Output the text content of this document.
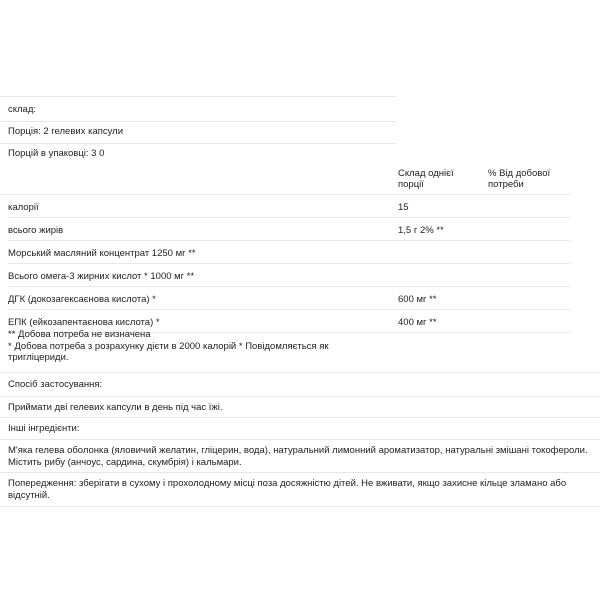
склад:
Порція: 2 гелевих капсули
Порцій в упаковці: 3 0
Склад однієї порції
% Від добової потреби
калорії	15
всього жирів	1,5 г 2% **
Морський масляний концентрат 1250 мг **
Всього омега-3 жирних кислот * 1000 мг **
ДГК (докозагексаєнова кислота) *	600 мг **
ЕПК (ейкозапентаєнова кислота) *	400 мг **
** Добова потреба не визначена
* Добова потреба з розрахунку дієти в 2000 калорій * Повідомляється як тригліцериди.
Спосіб застосування:
Приймати дві гелевих капсули в день під час їжі.
Інші інгредієнти:
М'яка гелева оболонка (яловичий желатин, гліцерин, вода), натуральний лимонний ароматизатор, натуральні змішані токофероли. Містить рибу (анчоус, сардина, скумбрія) і кальмари.
Попередження: зберігати в сухому і прохолодному місці поза досяжністю дітей. Не вживати, якщо захисне кільце зламано або відсутній.
